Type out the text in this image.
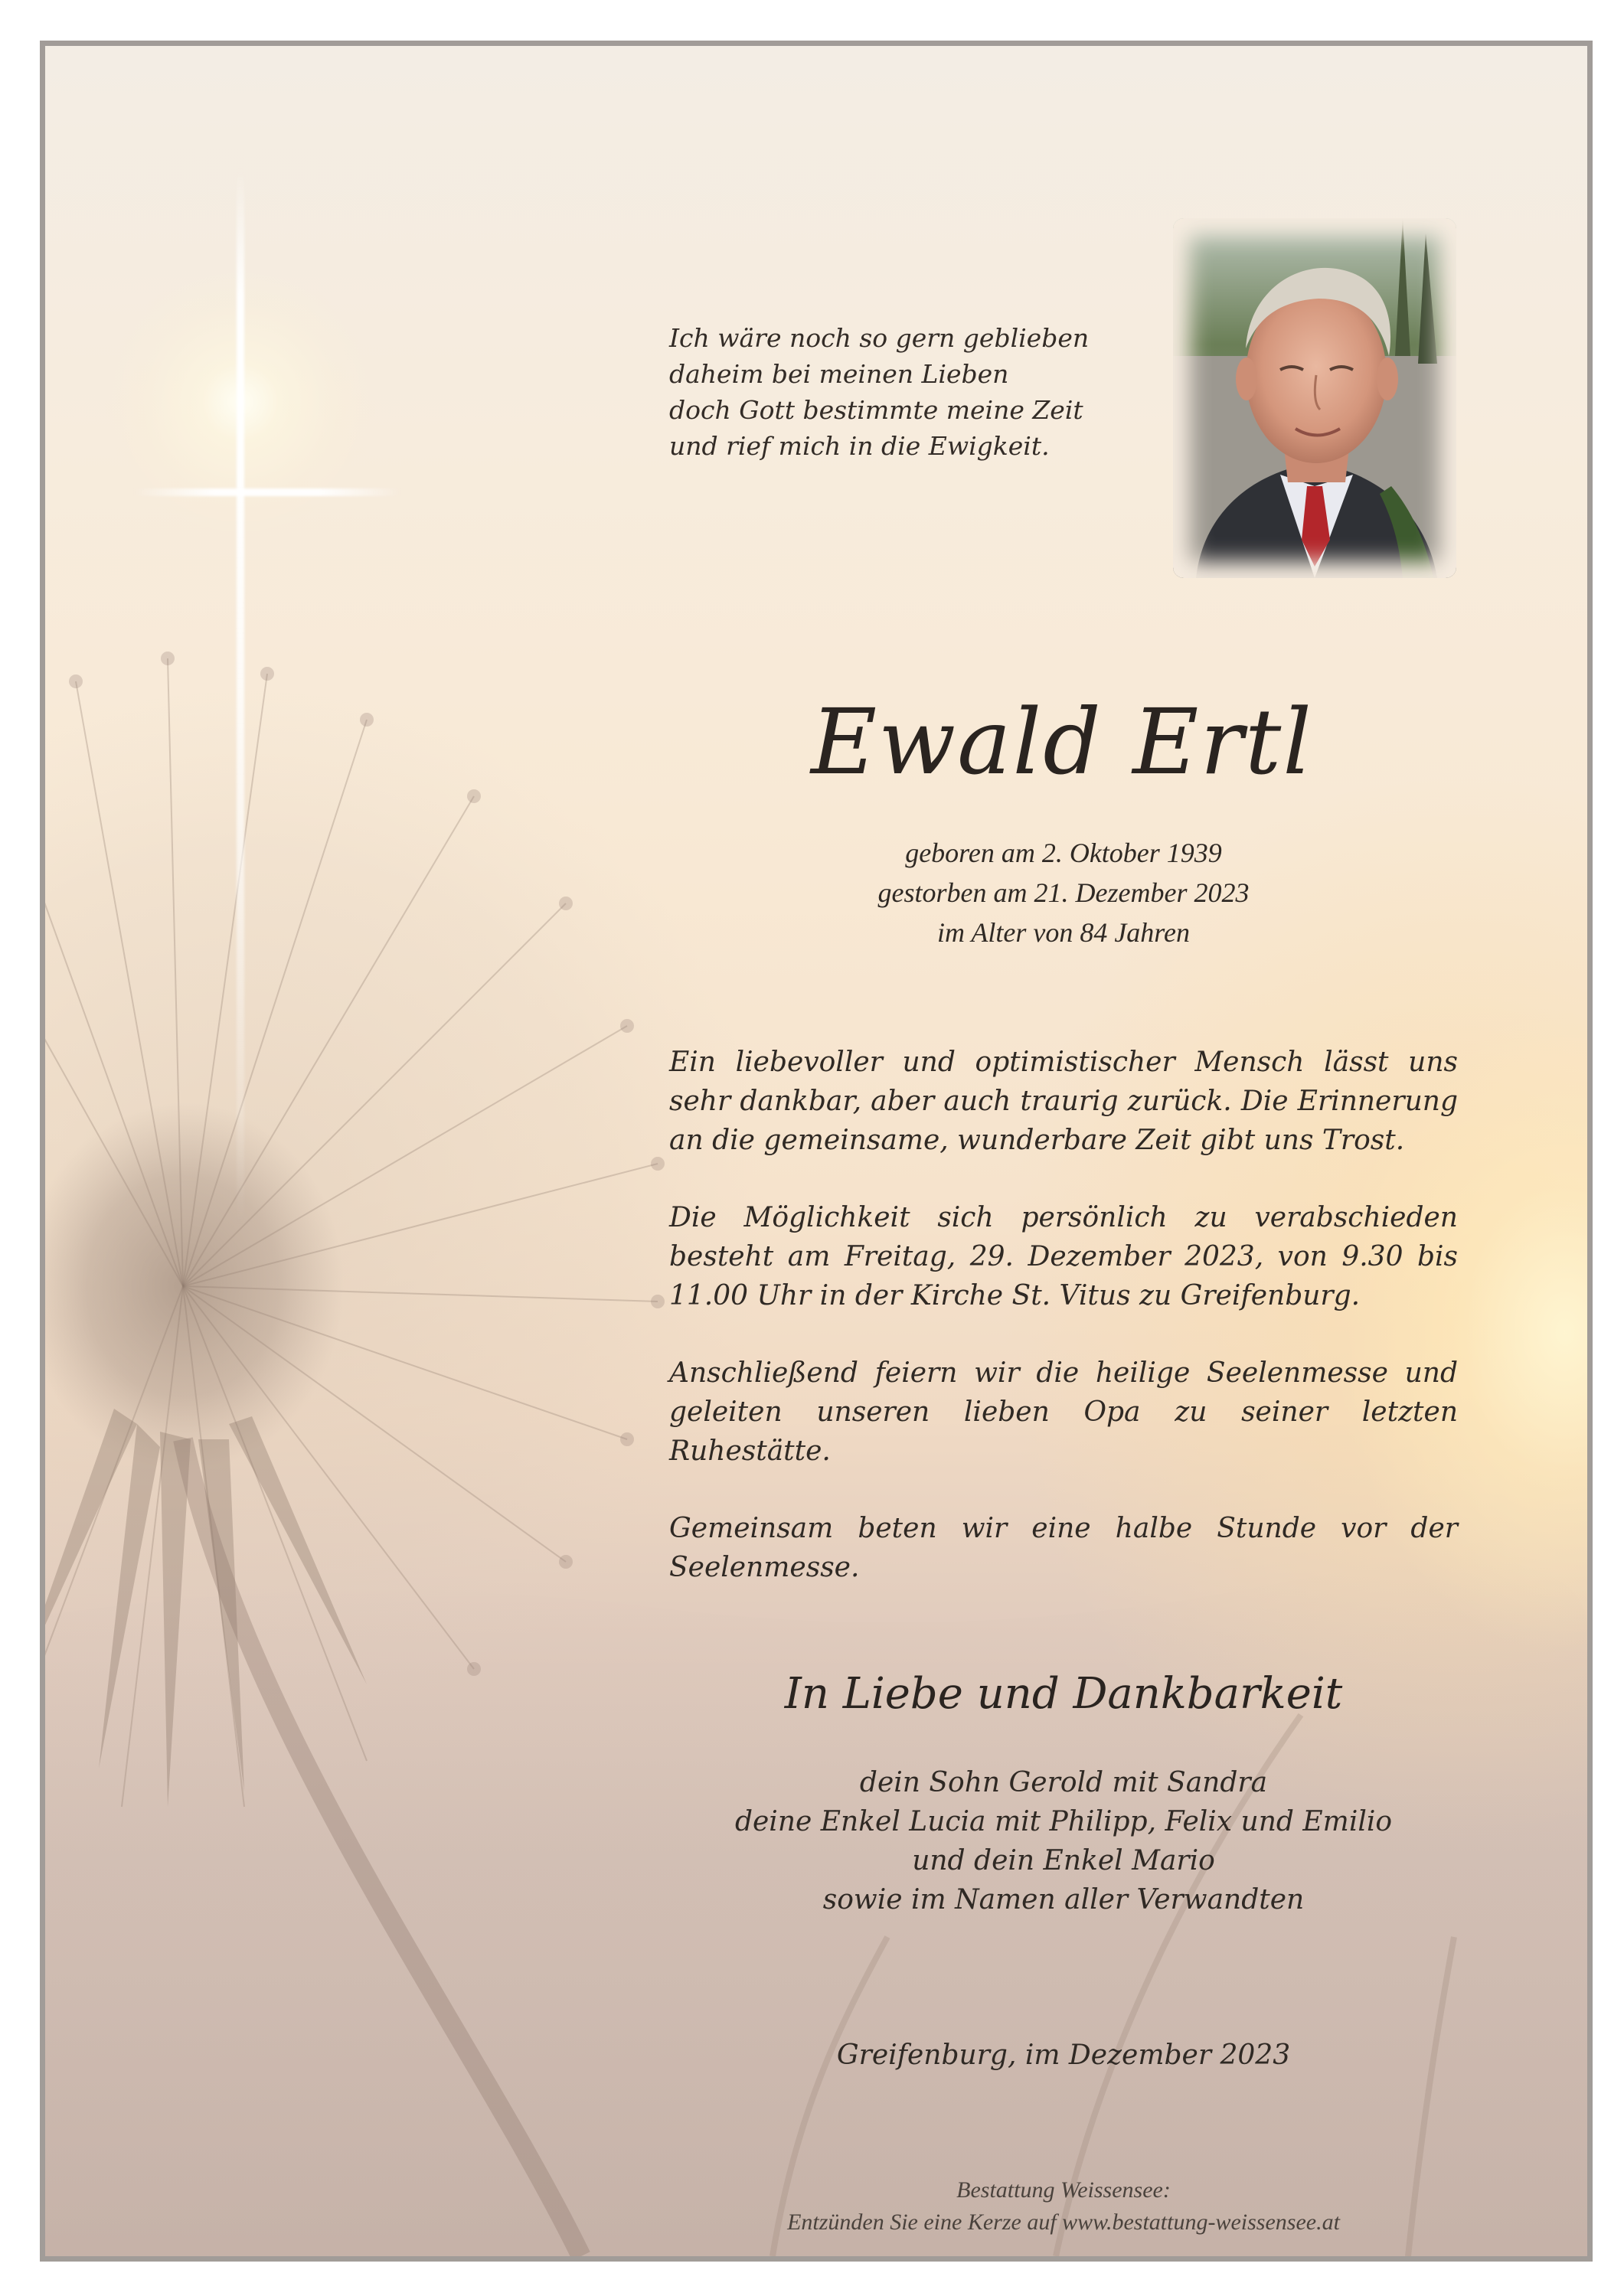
Ich wäre noch so gern geblieben
daheim bei meinen Lieben
doch Gott bestimmte meine Zeit
und rief mich in die Ewigkeit.
Ewald Ertl
geboren am 2. Oktober 1939
gestorben am 21. Dezember 2023
im Alter von 84 Jahren

Ein liebevoller und optimistischer Mensch lässt uns sehr dankbar, aber auch traurig zurück. Die Erinnerung an die gemeinsame, wunderbare Zeit gibt uns Trost.

Die Möglichkeit sich persönlich zu verabschieden besteht am Freitag, 29. Dezember 2023, von 9.30 bis 11.00 Uhr in der Kirche St. Vitus zu Greifenburg.

Anschließend feiern wir die heilige Seelenmesse und geleiten unseren lieben Opa zu seiner letzten Ruhestätte.

Gemeinsam beten wir eine halbe Stunde vor der Seelenmesse.

In Liebe und Dankbarkeit
dein Sohn Gerold mit Sandra
deine Enkel Lucia mit Philipp, Felix und Emilio
und dein Enkel Mario
sowie im Namen aller Verwandten
Greifenburg, im Dezember 2023
Bestattung Weissensee:
Entzünden Sie eine Kerze auf www.bestattung-weissensee.at
